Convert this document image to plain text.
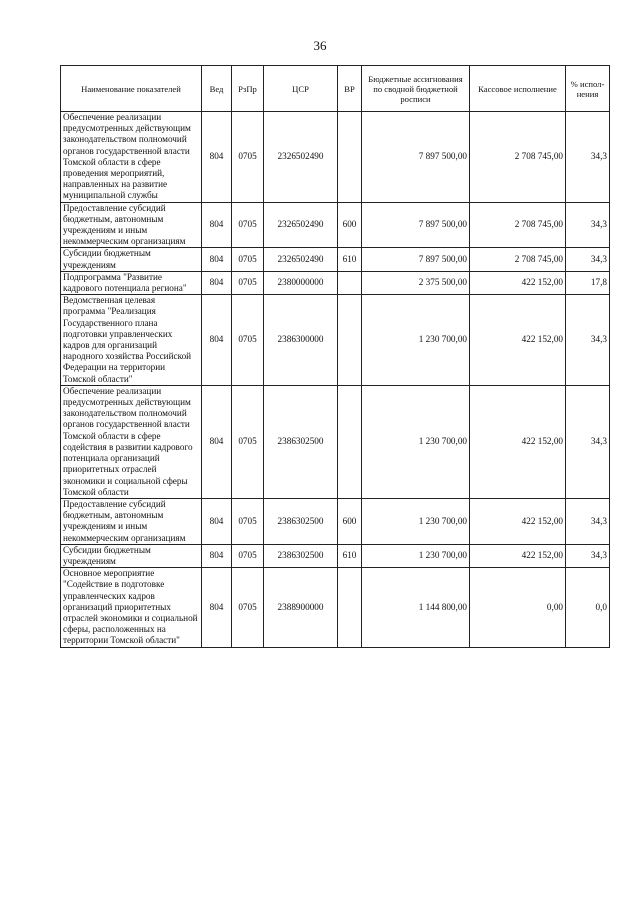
36
Наименование показателей	Вед	РзПр	ЦСР	ВР	Бюджетные ассигнования по сводной бюджетной росписи	Кассовое исполнение	% испол-нения
Обеспечение реализации предусмотренных действующим законодательством полномочий органов государственной власти Томской области в сфере проведения мероприятий, направленных на развитие муниципальной службы	804	0705	2326502490		7 897 500,00	2 708 745,00	34,3
Предоставление субсидий бюджетным, автономным учреждениям и иным некоммерческим организациям	804	0705	2326502490	600	7 897 500,00	2 708 745,00	34,3
Субсидии бюджетным учреждениям	804	0705	2326502490	610	7 897 500,00	2 708 745,00	34,3
Подпрограмма "Развитие кадрового потенциала региона"	804	0705	2380000000		2 375 500,00	422 152,00	17,8
Ведомственная целевая программа "Реализация Государственного плана подготовки управленческих кадров для организаций народного хозяйства Российской Федерации на территории Томской области"	804	0705	2386300000		1 230 700,00	422 152,00	34,3
Обеспечение реализации предусмотренных действующим законодательством полномочий органов государственной власти Томской области в сфере содействия в развитии кадрового потенциала организаций приоритетных отраслей экономики и социальной сферы Томской области	804	0705	2386302500		1 230 700,00	422 152,00	34,3
Предоставление субсидий бюджетным, автономным учреждениям и иным некоммерческим организациям	804	0705	2386302500	600	1 230 700,00	422 152,00	34,3
Субсидии бюджетным учреждениям	804	0705	2386302500	610	1 230 700,00	422 152,00	34,3
Основное мероприятие "Содействие в подготовке управленческих кадров организаций приоритетных отраслей экономики и социальной сферы, расположенных на территории Томской области"	804	0705	2388900000		1 144 800,00	0,00	0,0
